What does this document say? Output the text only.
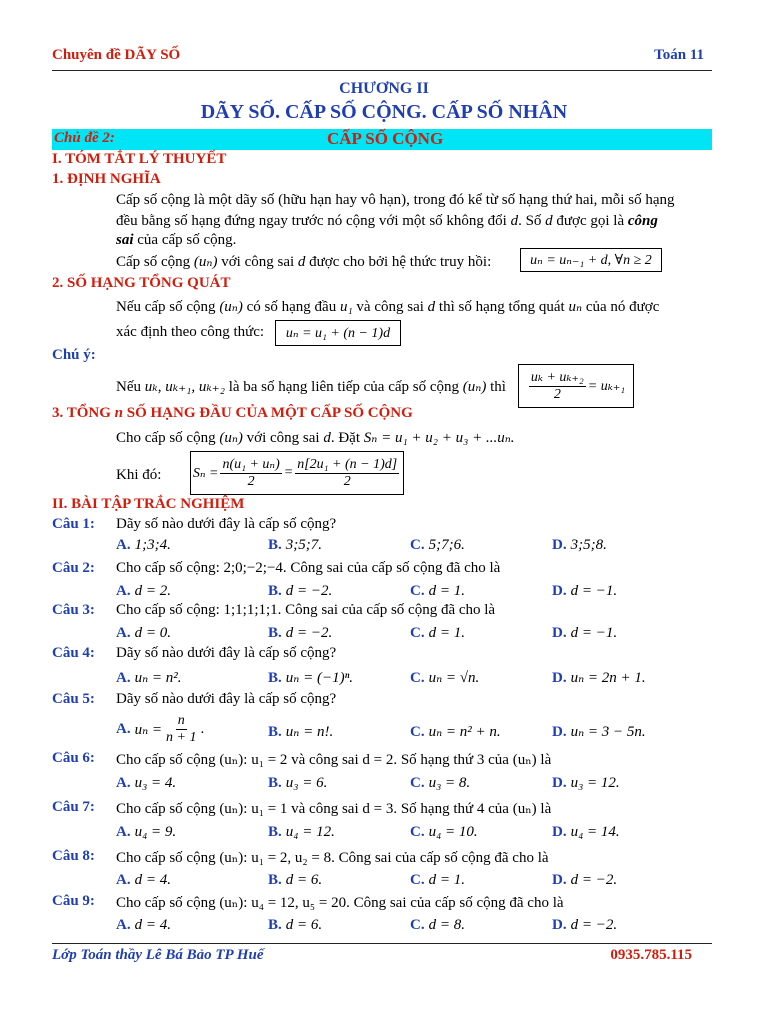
Chuyên đề DÃY SỐ	Toán 11
CHƯƠNG II
DÃY SỐ. CẤP SỐ CỘNG. CẤP SỐ NHÂN
Chủ đề 2:	CẤP SỐ CỘNG
I. TÓM TẮT LÝ THUYẾT
1. ĐỊNH NGHĨA
Cấp số cộng là một dãy số (hữu hạn hay vô hạn), trong đó kể từ số hạng thứ hai, mỗi số hạng
đều bằng số hạng đứng ngay trước nó cộng với một số không đổi d. Số d được gọi là công
sai của cấp số cộng.
Cấp số cộng (uₙ) với công sai d được cho bởi hệ thức truy hồi:	uₙ = uₙ₋₁ + d, ∀n ≥ 2
2. SỐ HẠNG TỔNG QUÁT
Nếu cấp số cộng (uₙ) có số hạng đầu u₁ và công sai d thì số hạng tổng quát uₙ của nó được
xác định theo công thức:	uₙ = u₁ + (n − 1)d
Chú ý:
Nếu uₖ, uₖ₊₁, uₖ₊₂ là ba số hạng liên tiếp của cấp số cộng (uₙ) thì $\frac{\text{uₖ + uₖ₊₂}}{2} = u_{k+1}$
3. TỔNG n SỐ HẠNG ĐẦU CỦA MỘT CẤP SỐ CỘNG
Cho cấp số cộng (uₙ) với công sai d. Đặt Sₙ = u₁ + u₂ + u₃ + ...uₙ.
Khi đó: $S_n = \frac{\text{n(u₁ + uₙ)}}{2} = \frac{\text{n[2u₁ + (n − 1)d]}}{2}$
II. BÀI TẬP TRẮC NGHIỆM
Câu 1: Dãy số nào dưới đây là cấp số cộng?
A. 1;3;4.	B. 3;5;7.	C. 5;7;6.	D. 3;5;8.
Câu 2: Cho cấp số cộng: 2;0;−2;−4. Công sai của cấp số cộng đã cho là
A. d = 2.	B. d = −2.	C. d = 1.	D. d = −1.
Câu 3: Cho cấp số cộng: 1;1;1;1;1. Công sai của cấp số cộng đã cho là
A. d = 0.	B. d = −2.	C. d = 1.	D. d = −1.
Câu 4: Dãy số nào dưới đây là cấp số cộng?
A. uₙ = n².	B. uₙ = (−1)ⁿ.	C. uₙ = √n.	D. uₙ = 2n + 1.
Câu 5: Dãy số nào dưới đây là cấp số cộng?
A. $u_n = \frac{n}{n + 1}$ .	B. uₙ = n!.	C. uₙ = n² + n.	D. uₙ = 3 − 5n.
Câu 6: Cho cấp số cộng (uₙ): u₁ = 2 và công sai d = 2. Số hạng thứ 3 của (uₙ) là
A. u₃ = 4.	B. u₃ = 6.	C. u₃ = 8.	D. u₃ = 12.
Câu 7: Cho cấp số cộng (uₙ): u₁ = 1 và công sai d = 3. Số hạng thứ 4 của (uₙ) là
A. u₄ = 9.	B. u₄ = 12.	C. u₄ = 10.	D. u₄ = 14.
Câu 8: Cho cấp số cộng (uₙ): u₁ = 2, u₂ = 8. Công sai của cấp số cộng đã cho là
A. d = 4.	B. d = 6.	C. d = 1.	D. d = −2.
Câu 9: Cho cấp số cộng (uₙ): u₄ = 12, u₅ = 20. Công sai của cấp số cộng đã cho là
A. d = 4.	B. d = 6.	C. d = 8.	D. d = −2.
Lớp Toán thầy Lê Bá Bảo TP Huế	0935.785.115
